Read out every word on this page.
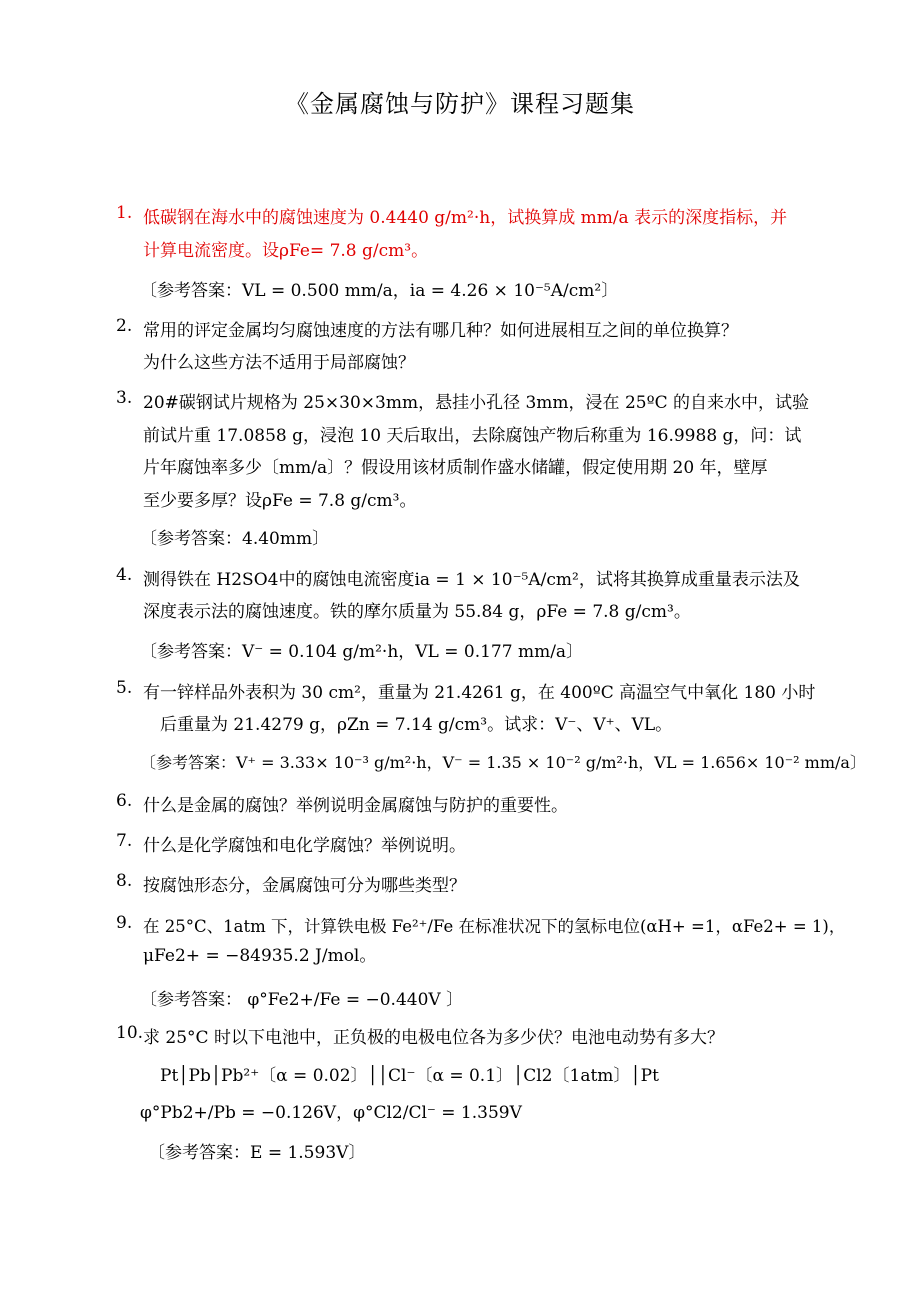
《金属腐蚀与防护》课程习题集
1. 低碳钢在海水中的腐蚀速度为 0.4440 g/m²·h，试换算成 mm/a 表示的深度指标，并
计算电流密度。设ρFe= 7.8 g/cm³。
〔参考答案：VL = 0.500 mm/a，ia = 4.26 × 10⁻⁵A/cm²〕
2. 常用的评定金属均匀腐蚀速度的方法有哪几种？如何进展相互之间的单位换算？
为什么这些方法不适用于局部腐蚀？
3. 20#碳钢试片规格为 25×30×3mm，悬挂小孔径 3mm，浸在 25ºC 的自来水中，试验
前试片重 17.0858 g，浸泡 10 天后取出，去除腐蚀产物后称重为 16.9988 g，问：试
片年腐蚀率多少〔mm/a〕？假设用该材质制作盛水储罐，假定使用期 20 年，壁厚
至少要多厚？设ρFe = 7.8 g/cm³。
〔参考答案：4.40mm〕
4. 测得铁在 H2SO4中的腐蚀电流密度ia = 1 × 10⁻⁵A/cm²，试将其换算成重量表示法及
深度表示法的腐蚀速度。铁的摩尔质量为 55.84 g，ρFe = 7.8 g/cm³。
〔参考答案：V⁻ = 0.104 g/m²·h，VL = 0.177 mm/a〕
5. 有一锌样品外表积为 30 cm²，重量为 21.4261 g，在 400ºC 高温空气中氧化 180 小时
后重量为 21.4279 g，ρZn = 7.14 g/cm³。试求：V⁻、V⁺、VL。
〔参考答案：V⁺ = 3.33× 10⁻³ g/m²·h，V⁻ = 1.35 × 10⁻² g/m²·h，VL = 1.656× 10⁻² mm/a〕
6. 什么是金属的腐蚀？举例说明金属腐蚀与防护的重要性。
7. 什么是化学腐蚀和电化学腐蚀？举例说明。
8. 按腐蚀形态分，金属腐蚀可分为哪些类型？
9. 在 25°C、1atm 下，计算铁电极 Fe²⁺/Fe 在标准状况下的氢标电位(αH+ =1，αFe2+ = 1)，
μFe2+ = −84935.2 J/mol。
〔参考答案： φ°Fe2+/Fe = −0.440V 〕
10. 求 25°C 时以下电池中，正负极的电极电位各为多少伏？电池电动势有多大？
Pt│Pb│Pb²⁺〔α = 0.02〕││Cl⁻〔α = 0.1〕│Cl2〔1atm〕│Pt
φ°Pb2+/Pb = −0.126V，φ°Cl2/Cl⁻ = 1.359V
〔参考答案：E = 1.593V〕
